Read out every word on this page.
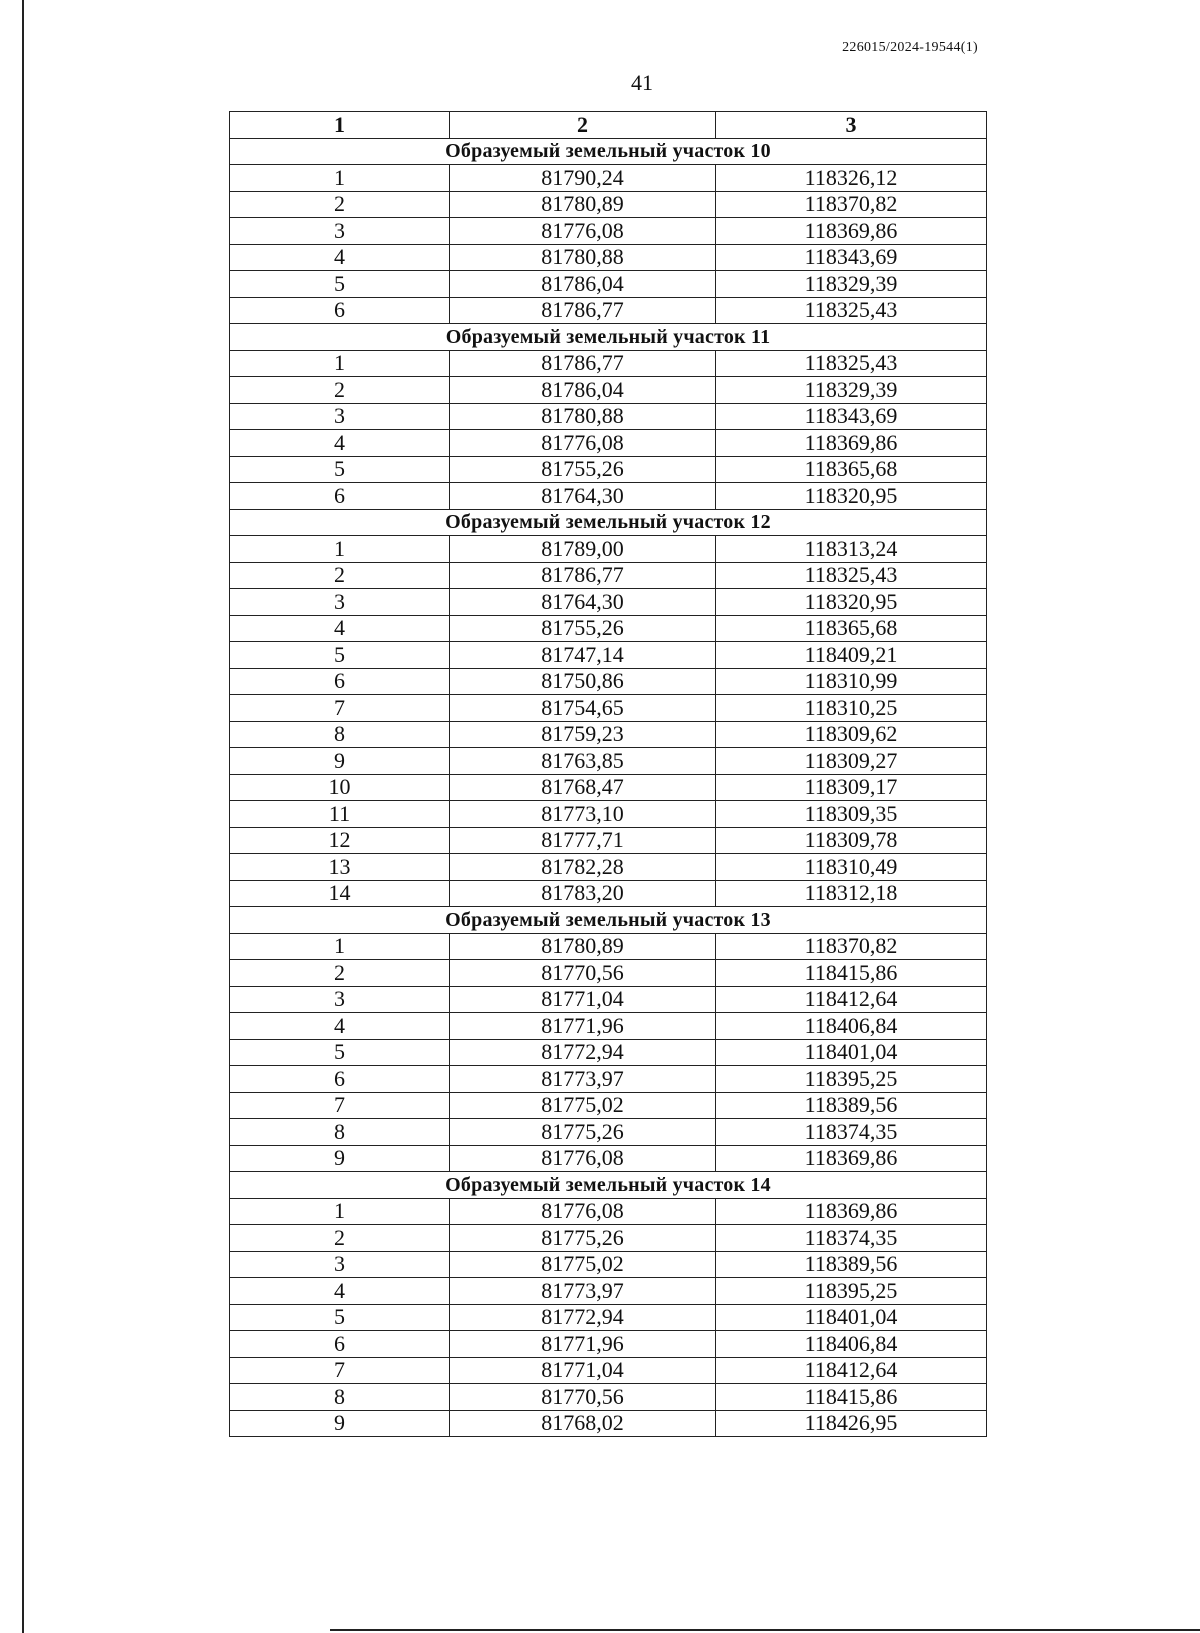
226015/2024-19544(1)
41
1	2	3
Образуемый земельный участок 10		
1	81790,24	118326,12
2	81780,89	118370,82
3	81776,08	118369,86
4	81780,88	118343,69
5	81786,04	118329,39
6	81786,77	118325,43
Образуемый земельный участок 11		
1	81786,77	118325,43
2	81786,04	118329,39
3	81780,88	118343,69
4	81776,08	118369,86
5	81755,26	118365,68
6	81764,30	118320,95
Образуемый земельный участок 12		
1	81789,00	118313,24
2	81786,77	118325,43
3	81764,30	118320,95
4	81755,26	118365,68
5	81747,14	118409,21
6	81750,86	118310,99
7	81754,65	118310,25
8	81759,23	118309,62
9	81763,85	118309,27
10	81768,47	118309,17
11	81773,10	118309,35
12	81777,71	118309,78
13	81782,28	118310,49
14	81783,20	118312,18
Образуемый земельный участок 13		
1	81780,89	118370,82
2	81770,56	118415,86
3	81771,04	118412,64
4	81771,96	118406,84
5	81772,94	118401,04
6	81773,97	118395,25
7	81775,02	118389,56
8	81775,26	118374,35
9	81776,08	118369,86
Образуемый земельный участок 14		
1	81776,08	118369,86
2	81775,26	118374,35
3	81775,02	118389,56
4	81773,97	118395,25
5	81772,94	118401,04
6	81771,96	118406,84
7	81771,04	118412,64
8	81770,56	118415,86
9	81768,02	118426,95
